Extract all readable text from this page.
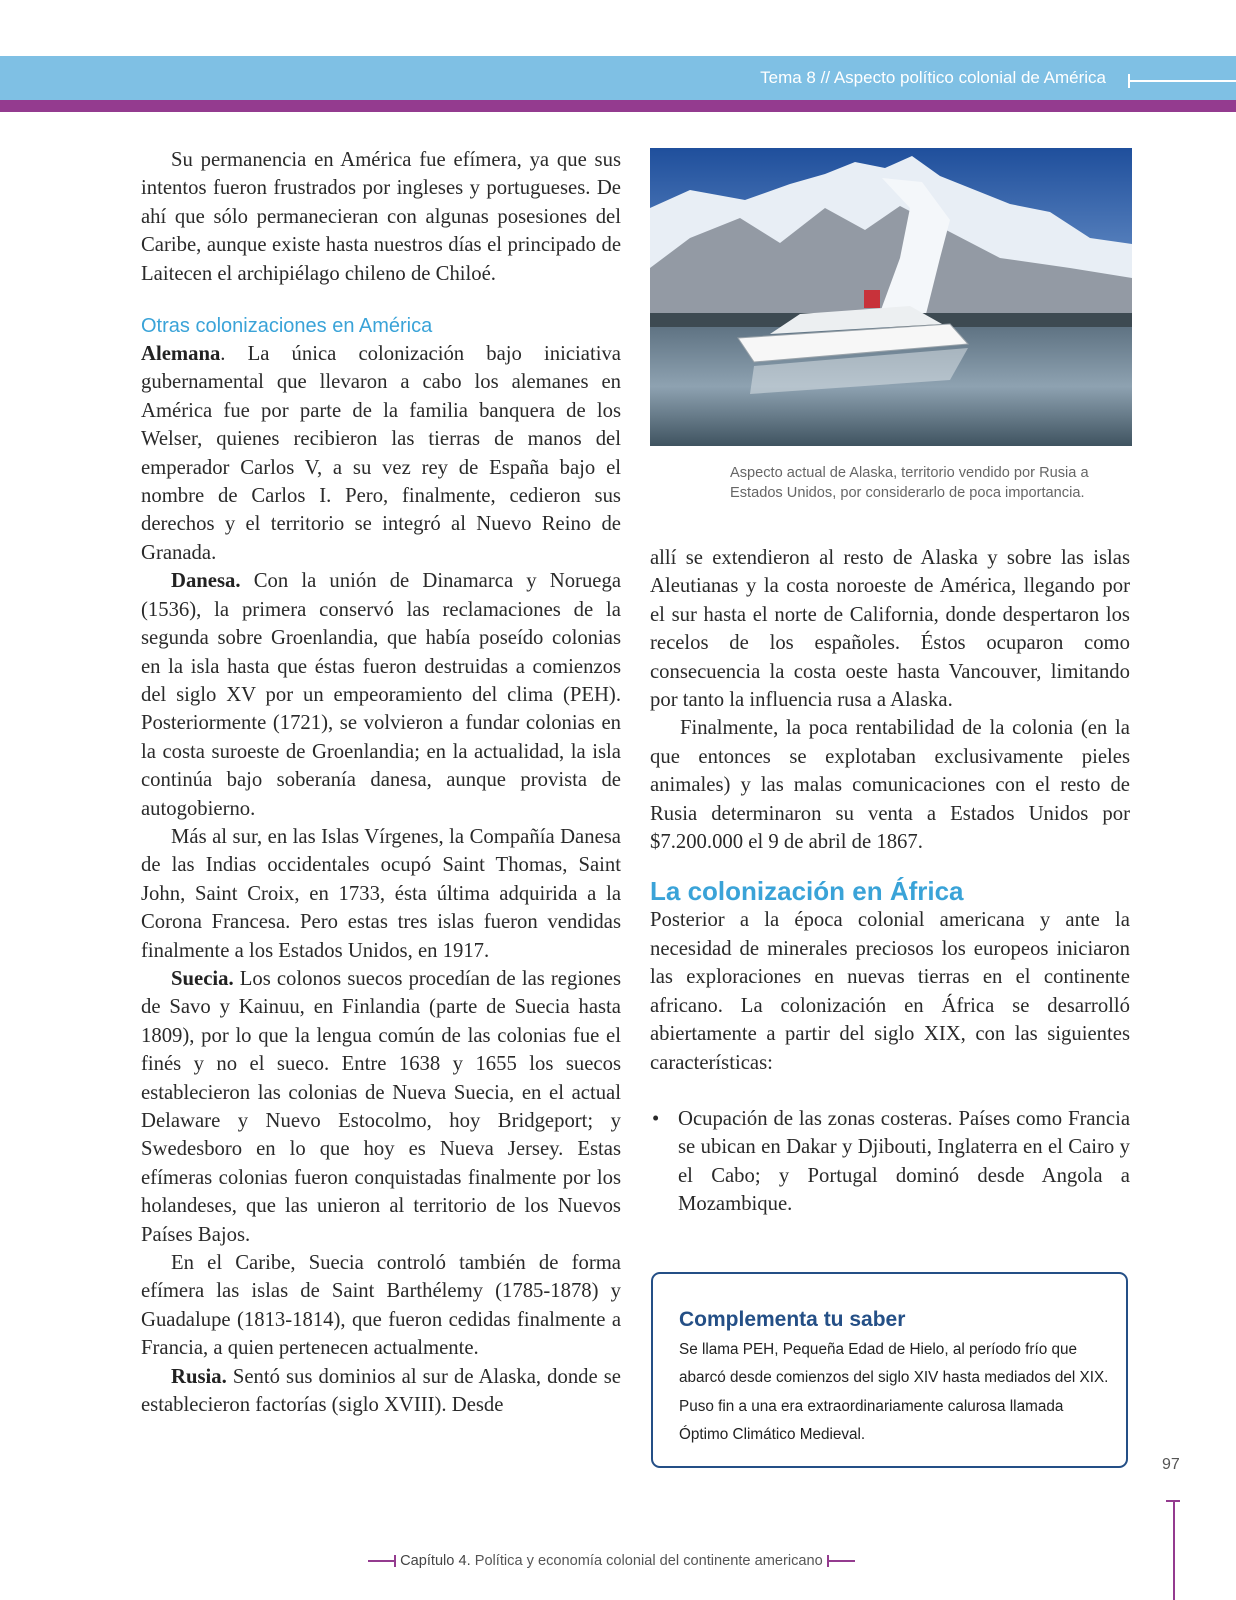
Tema 8 // Aspecto político colonial de América

Su permanencia en América fue efímera, ya que sus intentos fueron frustrados por ingleses y portugueses. De ahí que sólo permanecieran con algunas posesiones del Caribe, aunque existe hasta nuestros días el principado de Laitecen el archipiélago chileno de Chiloé.

Otras colonizaciones en América

Alemana. La única colonización bajo iniciativa gubernamental que llevaron a cabo los alemanes en América fue por parte de la familia banquera de los Welser, quienes recibieron las tierras de manos del emperador Carlos V, a su vez rey de España bajo el nombre de Carlos I. Pero, finalmente, cedieron sus derechos y el territorio se integró al Nuevo Reino de Granada.

Danesa. Con la unión de Dinamarca y Noruega (1536), la primera conservó las reclamaciones de la segunda sobre Groenlandia, que había poseído colonias en la isla hasta que éstas fueron destruidas a comienzos del siglo XV por un empeoramiento del clima (PEH). Posteriormente (1721), se volvieron a fundar colonias en la costa suroeste de Groenlandia; en la actualidad, la isla continúa bajo soberanía danesa, aunque provista de autogobierno.

Más al sur, en las Islas Vírgenes, la Compañía Danesa de las Indias occidentales ocupó Saint Thomas, Saint John, Saint Croix, en 1733, ésta última adquirida a la Corona Francesa. Pero estas tres islas fueron vendidas finalmente a los Estados Unidos, en 1917.

Suecia. Los colonos suecos procedían de las regiones de Savo y Kainuu, en Finlandia (parte de Suecia hasta 1809), por lo que la lengua común de las colonias fue el finés y no el sueco. Entre 1638 y 1655 los suecos establecieron las colonias de Nueva Suecia, en el actual Delaware y Nuevo Estocolmo, hoy Bridgeport; y Swedesboro en lo que hoy es Nueva Jersey. Estas efímeras colonias fueron conquistadas finalmente por los holandeses, que las unieron al territorio de los Nuevos Países Bajos.

En el Caribe, Suecia controló también de forma efímera las islas de Saint Barthélemy (1785-1878) y Guadalupe (1813-1814), que fueron cedidas finalmente a Francia, a quien pertenecen actualmente.

Rusia. Sentó sus dominios al sur de Alaska, donde se establecieron factorías (siglo XVIII). Desde

Aspecto actual de Alaska, territorio vendido por Rusia a Estados Unidos, por considerarlo de poca importancia.

allí se extendieron al resto de Alaska y sobre las islas Aleutianas y la costa noroeste de América, llegando por el sur hasta el norte de California, donde despertaron los recelos de los españoles. Éstos ocuparon como consecuencia la costa oeste hasta Vancouver, limitando por tanto la influencia rusa a Alaska.

Finalmente, la poca rentabilidad de la colonia (en la que entonces se explotaban exclusivamente pieles animales) y las malas comunicaciones con el resto de Rusia determinaron su venta a Estados Unidos por $7.200.000 el 9 de abril de 1867.

La colonización en África

Posterior a la época colonial americana y ante la necesidad de minerales preciosos los europeos iniciaron las exploraciones en nuevas tierras en el continente africano. La colonización en África se desarrolló abiertamente a partir del siglo XIX, con las siguientes características:

• Ocupación de las zonas costeras. Países como Francia se ubican en Dakar y Djibouti, Inglaterra en el Cairo y el Cabo; y Portugal dominó desde Angola a Mozambique.
Complementa tu saber
Se llama PEH, Pequeña Edad de Hielo, al período frío que abarcó desde comienzos del siglo XIV hasta mediados del XIX. Puso fin a una era extraordinariamente calurosa llamada Óptimo Climático Medieval.
97
Capítulo 4. Política y economía colonial del continente americano
